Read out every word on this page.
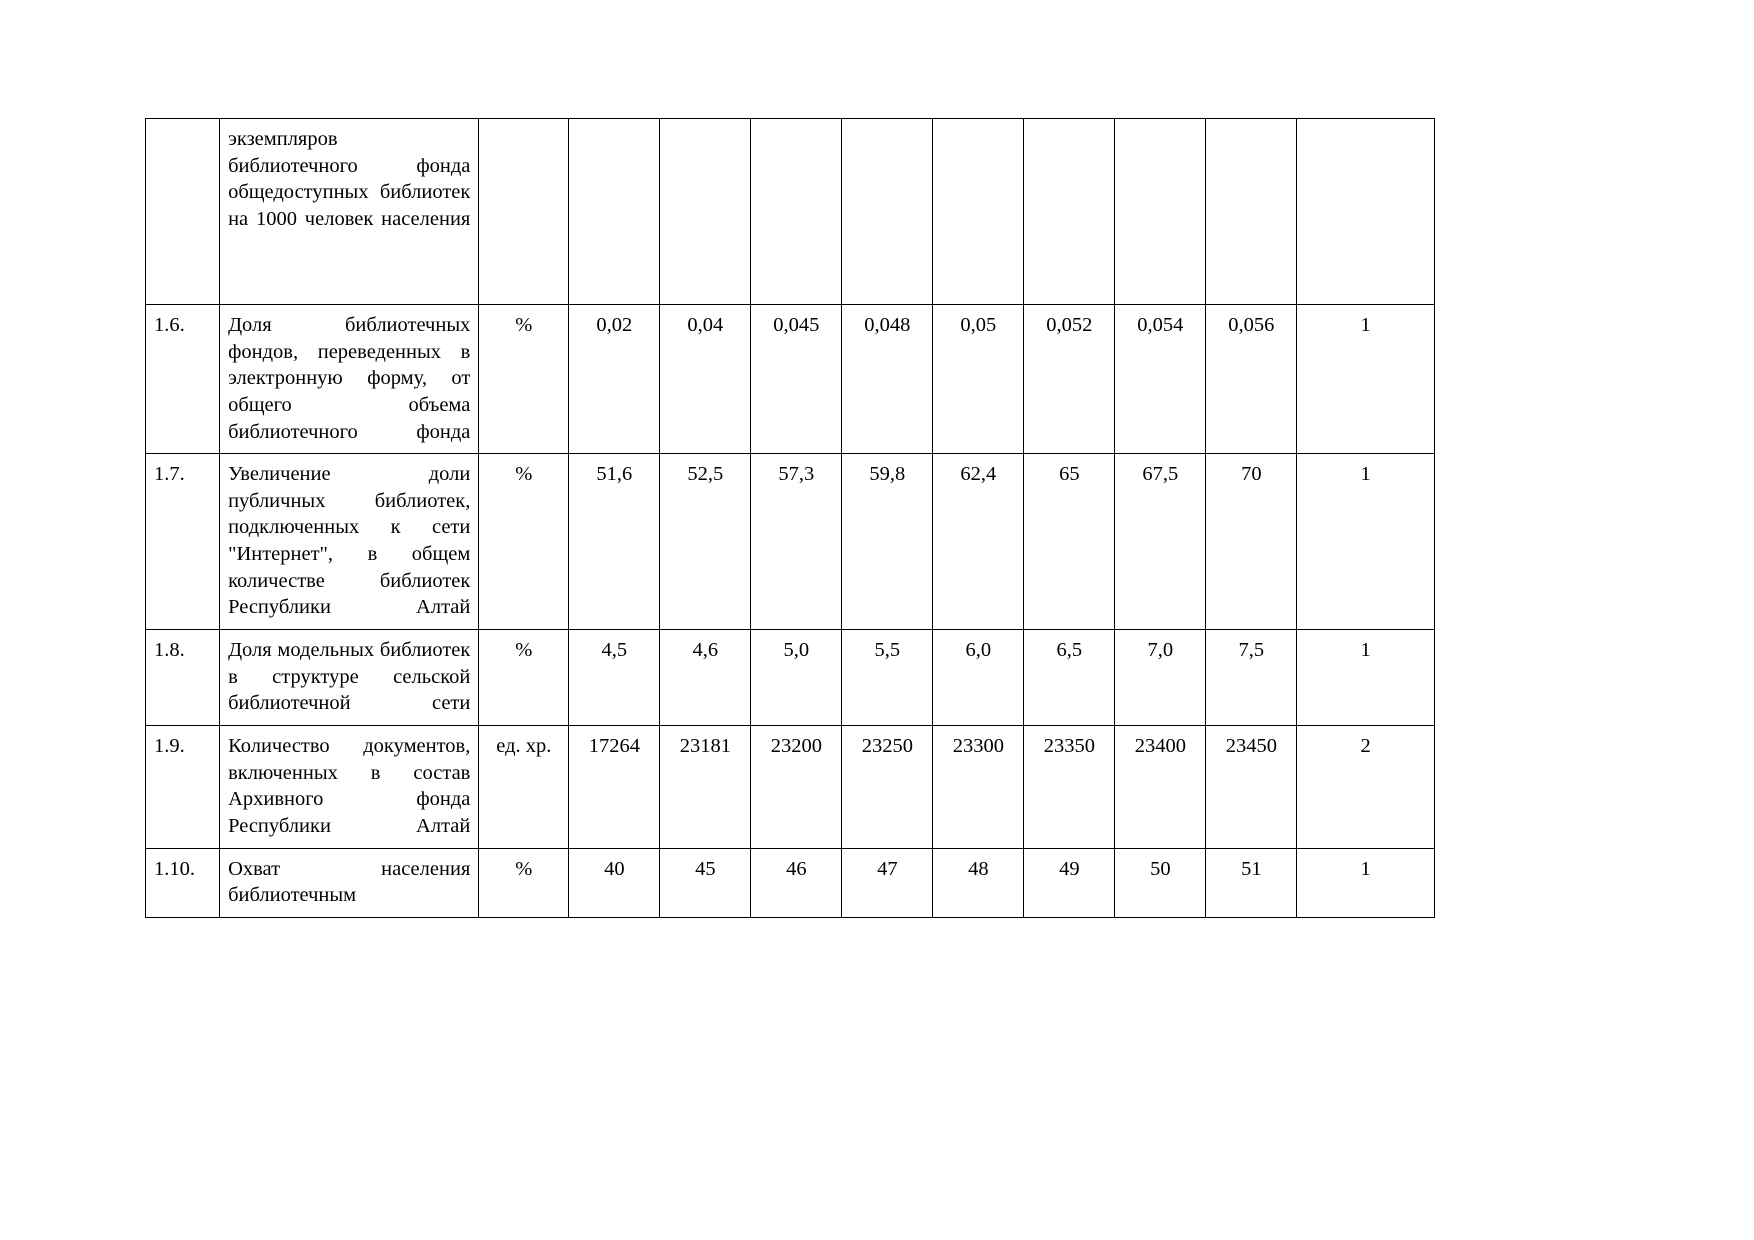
	экземпляров библиотечного фонда общедоступных библиотек на 1000 человек населения										
1.6.	Доля библиотечных фондов, переведенных в электронную форму, от общего объема библиотечного фонда	%	0,02	0,04	0,045	0,048	0,05	0,052	0,054	0,056	1
1.7.	Увеличение доли публичных библиотек, подключенных к сети "Интернет", в общем количестве библиотек Республики Алтай	%	51,6	52,5	57,3	59,8	62,4	65	67,5	70	1
1.8.	Доля модельных библиотек в структуре сельской библиотечной сети	%	4,5	4,6	5,0	5,5	6,0	6,5	7,0	7,5	1
1.9.	Количество документов, включенных в состав Архивного фонда Республики Алтай	ед. хр.	17264	23181	23200	23250	23300	23350	23400	23450	2
1.10.	Охват населения библиотечным	%	40	45	46	47	48	49	50	51	1
